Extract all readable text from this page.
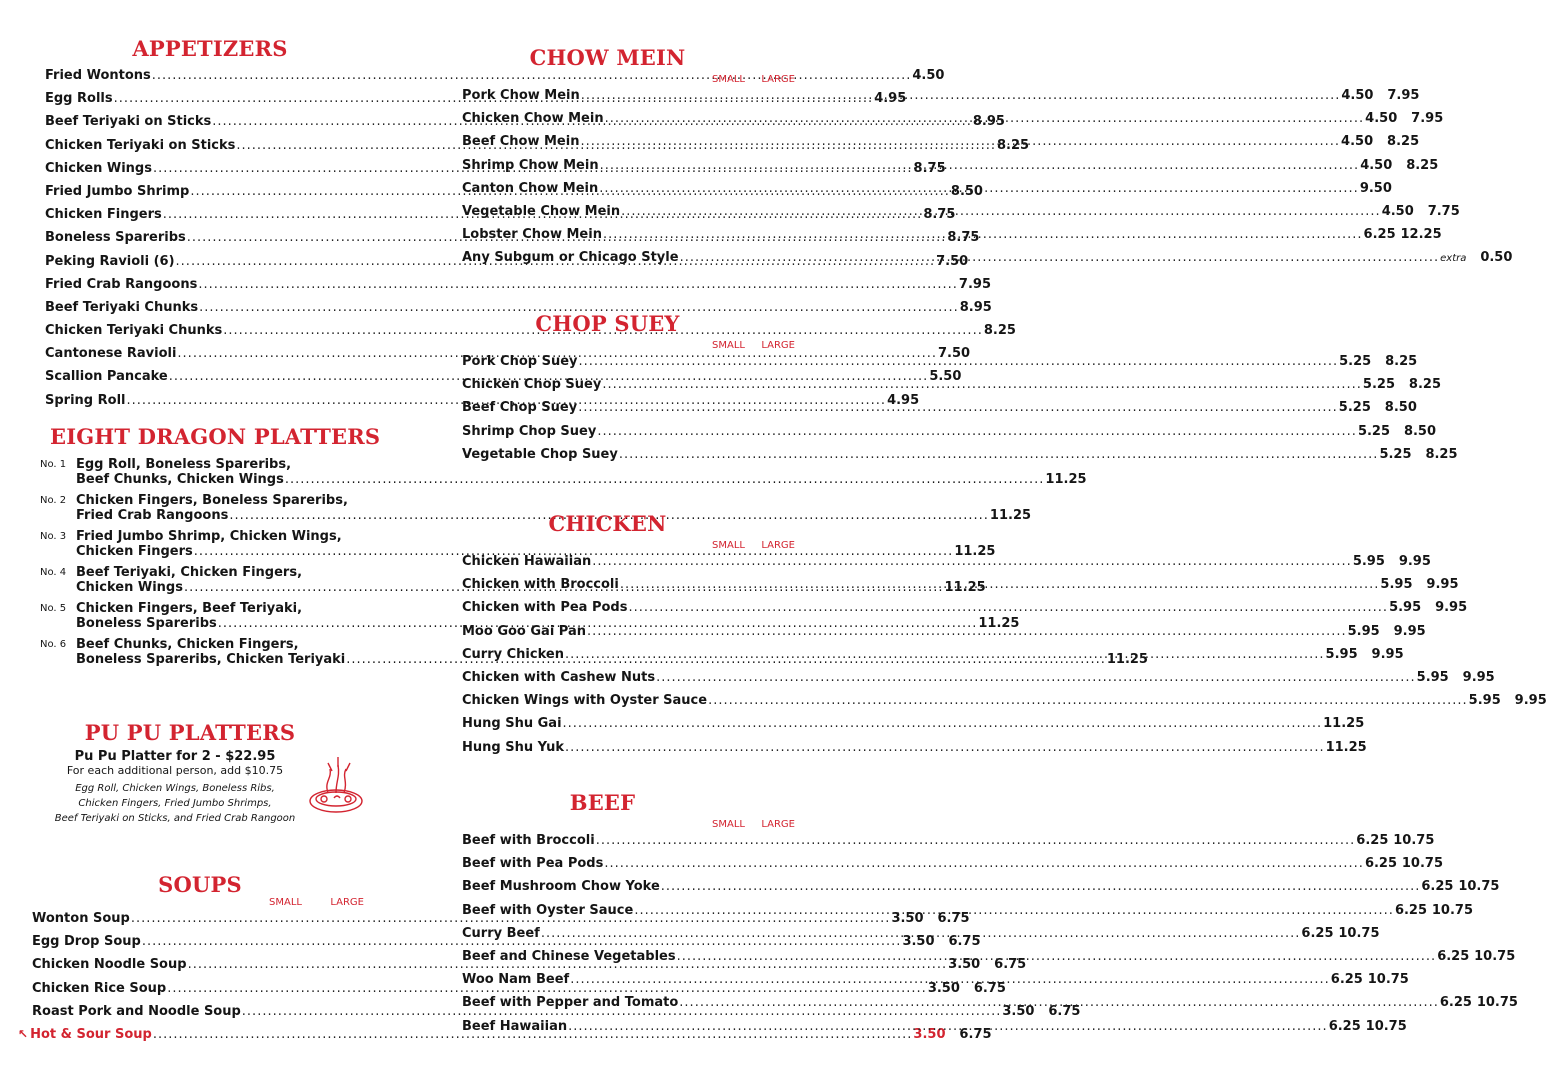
APPETIZERS
Fried Wontons .....	4.50
Egg Rolls .....	4.95
Beef Teriyaki on Sticks .....	8.95
Chicken Teriyaki on Sticks .....	8.25
Chicken Wings .....	8.75
Fried Jumbo Shrimp .....	8.50
Chicken Fingers .....	8.75
Boneless Spareribs .....	8.75
Peking Ravioli (6) .....	7.50
Fried Crab Rangoons .....	7.95
Beef Teriyaki Chunks .....	8.95
Chicken Teriyaki Chunks .....	8.25
Cantonese Ravioli .....	7.50
Scallion Pancake .....	5.50
Spring Roll .....	4.95
EIGHT DRAGON PLATTERS
No. 1 Egg Roll, Boneless Spareribs,
Beef Chunks, Chicken Wings .....	11.25
No. 2 Chicken Fingers, Boneless Spareribs,
Fried Crab Rangoons .....	11.25
No. 3 Fried Jumbo Shrimp, Chicken Wings,
Chicken Fingers .....	11.25
No. 4 Beef Teriyaki, Chicken Fingers,
Chicken Wings .....	11.25
No. 5 Chicken Fingers, Beef Teriyaki,
Boneless Spareribs .....	11.25
No. 6 Beef Chunks, Chicken Fingers,
Boneless Spareribs, Chicken Teriyaki .....	11.25
PU PU PLATTERS
Pu Pu Platter for 2 - $22.95
For each additional person, add $10.75
Egg Roll, Chicken Wings, Boneless Ribs,
Chicken Fingers, Fried Jumbo Shrimps,
Beef Teriyaki on Sticks, and Fried Crab Rangoon
SOUPS
SMALL	LARGE
Wonton Soup .....	3.50	6.75
Egg Drop Soup .....	3.50	6.75
Chicken Noodle Soup .....	3.50	6.75
Chicken Rice Soup .....	3.50	6.75
Roast Pork and Noodle Soup .....	3.50	6.75
↖ Hot & Sour Soup .....	3.50	6.75
CHOW MEIN
SMALL LARGE
Pork Chow Mein .....	4.50	7.95
Chicken Chow Mein .....	4.50	7.95
Beef Chow Mein .....	4.50	8.25
Shrimp Chow Mein .....	4.50	8.25
Canton Chow Mein .....	9.50
Vegetable Chow Mein .....	4.50	7.75
Lobster Chow Mein .....	6.25 12.25
Any Subgum or Chicago Style .....	extra	0.50
CHOP SUEY
SMALL LARGE
Pork Chop Suey .....	5.25	8.25
Chicken Chop Suey .....	5.25	8.25
Beef Chop Suey .....	5.25	8.50
Shrimp Chop Suey .....	5.25	8.50
Vegetable Chop Suey .....	5.25	8.25
CHICKEN
SMALL LARGE
Chicken Hawaiian .....	5.95	9.95
Chicken with Broccoli .....	5.95	9.95
Chicken with Pea Pods .....	5.95	9.95
Moo Goo Gai Pan .....	5.95	9.95
Curry Chicken .....	5.95	9.95
Chicken with Cashew Nuts .....	5.95	9.95
Chicken Wings with Oyster Sauce .....	5.95	9.95
Hung Shu Gai .....	11.25
Hung Shu Yuk .....	11.25
BEEF
SMALL LARGE
Beef with Broccoli .....	6.25 10.75
Beef with Pea Pods .....	6.25 10.75
Beef Mushroom Chow Yoke .....	6.25 10.75
Beef with Oyster Sauce .....	6.25 10.75
Curry Beef .....	6.25 10.75
Beef and Chinese Vegetables .....	6.25 10.75
Woo Nam Beef .....	6.25 10.75
Beef with Pepper and Tomato .....	6.25 10.75
Beef Hawaiian .....	6.25 10.75
